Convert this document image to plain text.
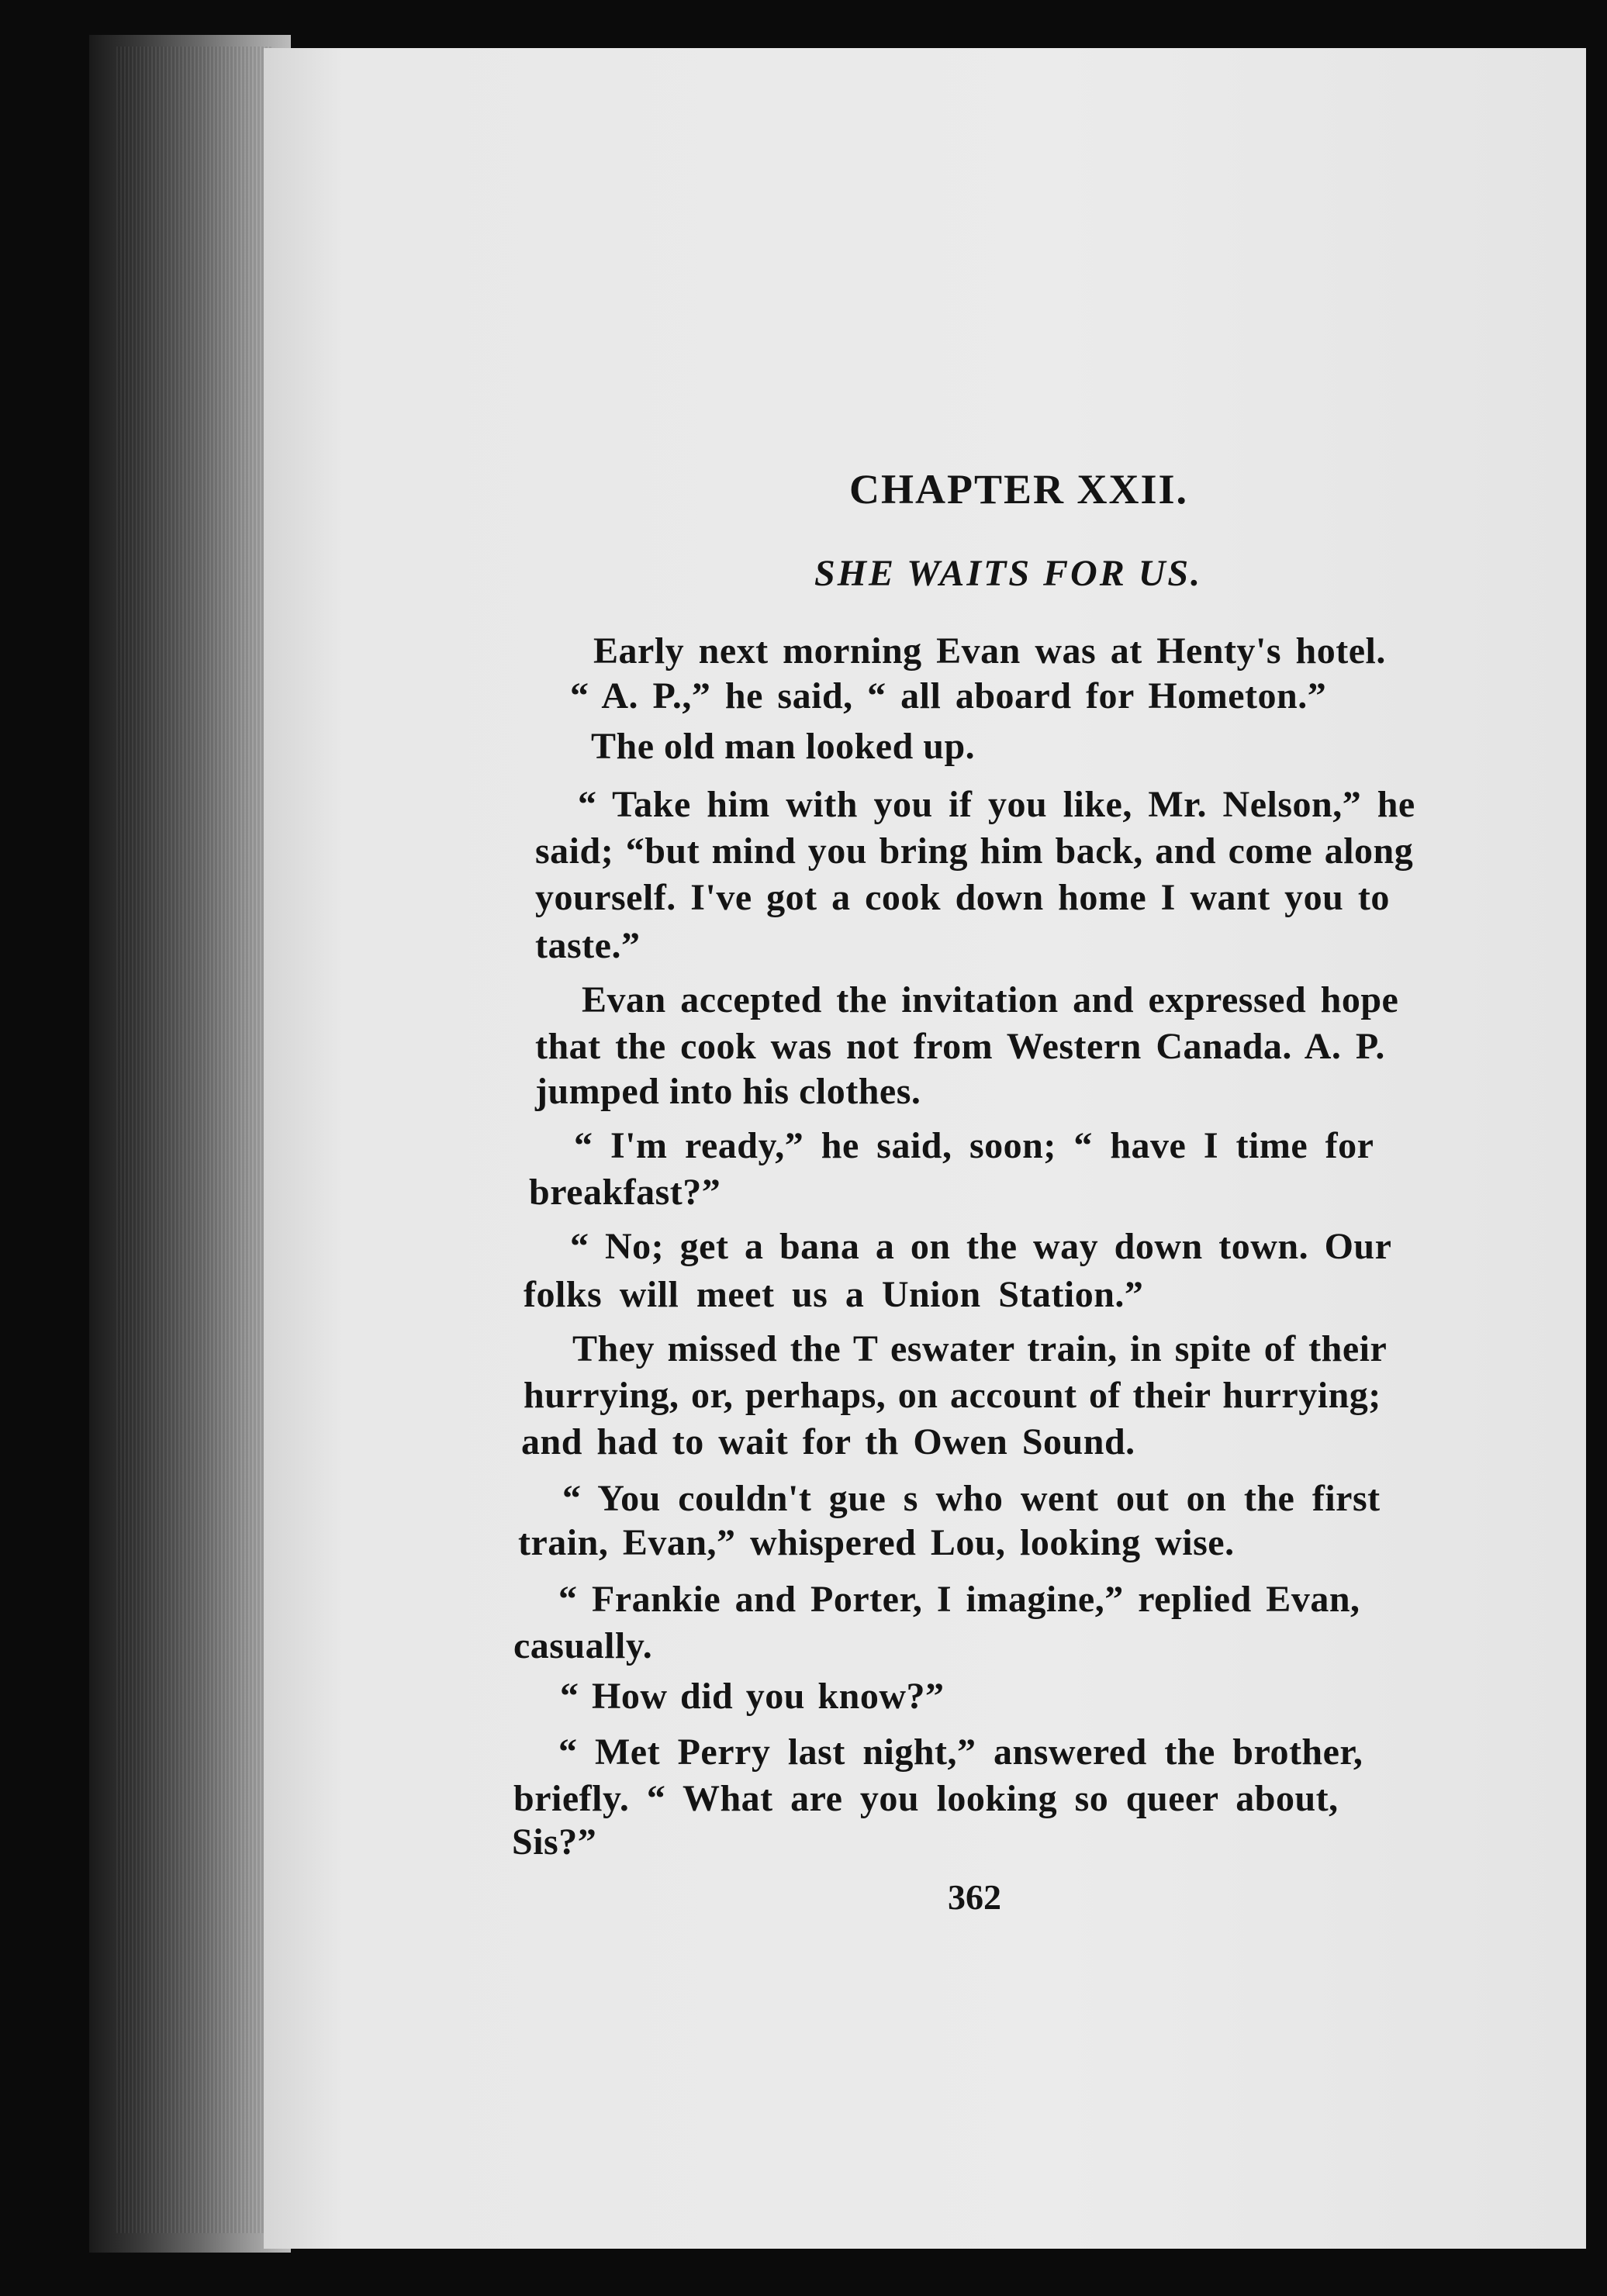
CHAPTER XXII.
SHE WAITS FOR US.
Early next morning Evan was at Henty's hotel.
“ A. P.,” he said, “ all aboard for Hometon.”
The old man looked up.
“ Take him with you if you like, Mr. Nelson,” he
said; “but mind you bring him back, and come along
yourself. I've got a cook down home I want you to
taste.”
Evan accepted the invitation and expressed hope
that the cook was not from Western Canada. A. P.
jumped into his clothes.
“ I'm ready,” he said, soon; “ have I time for
breakfast?”
“ No; get a bana a on the way down town. Our
folks will meet us a Union Station.”
They missed the T eswater train, in spite of their
hurrying, or, perhaps, on account of their hurrying;
and had to wait for th Owen Sound.
“ You couldn't gue s who went out on the first
train, Evan,” whispered Lou, looking wise.
“ Frankie and Porter, I imagine,” replied Evan,
casually.
“ How did you know?”
“ Met Perry last night,” answered the brother,
briefly. “ What are you looking so queer about,
Sis?”
362
